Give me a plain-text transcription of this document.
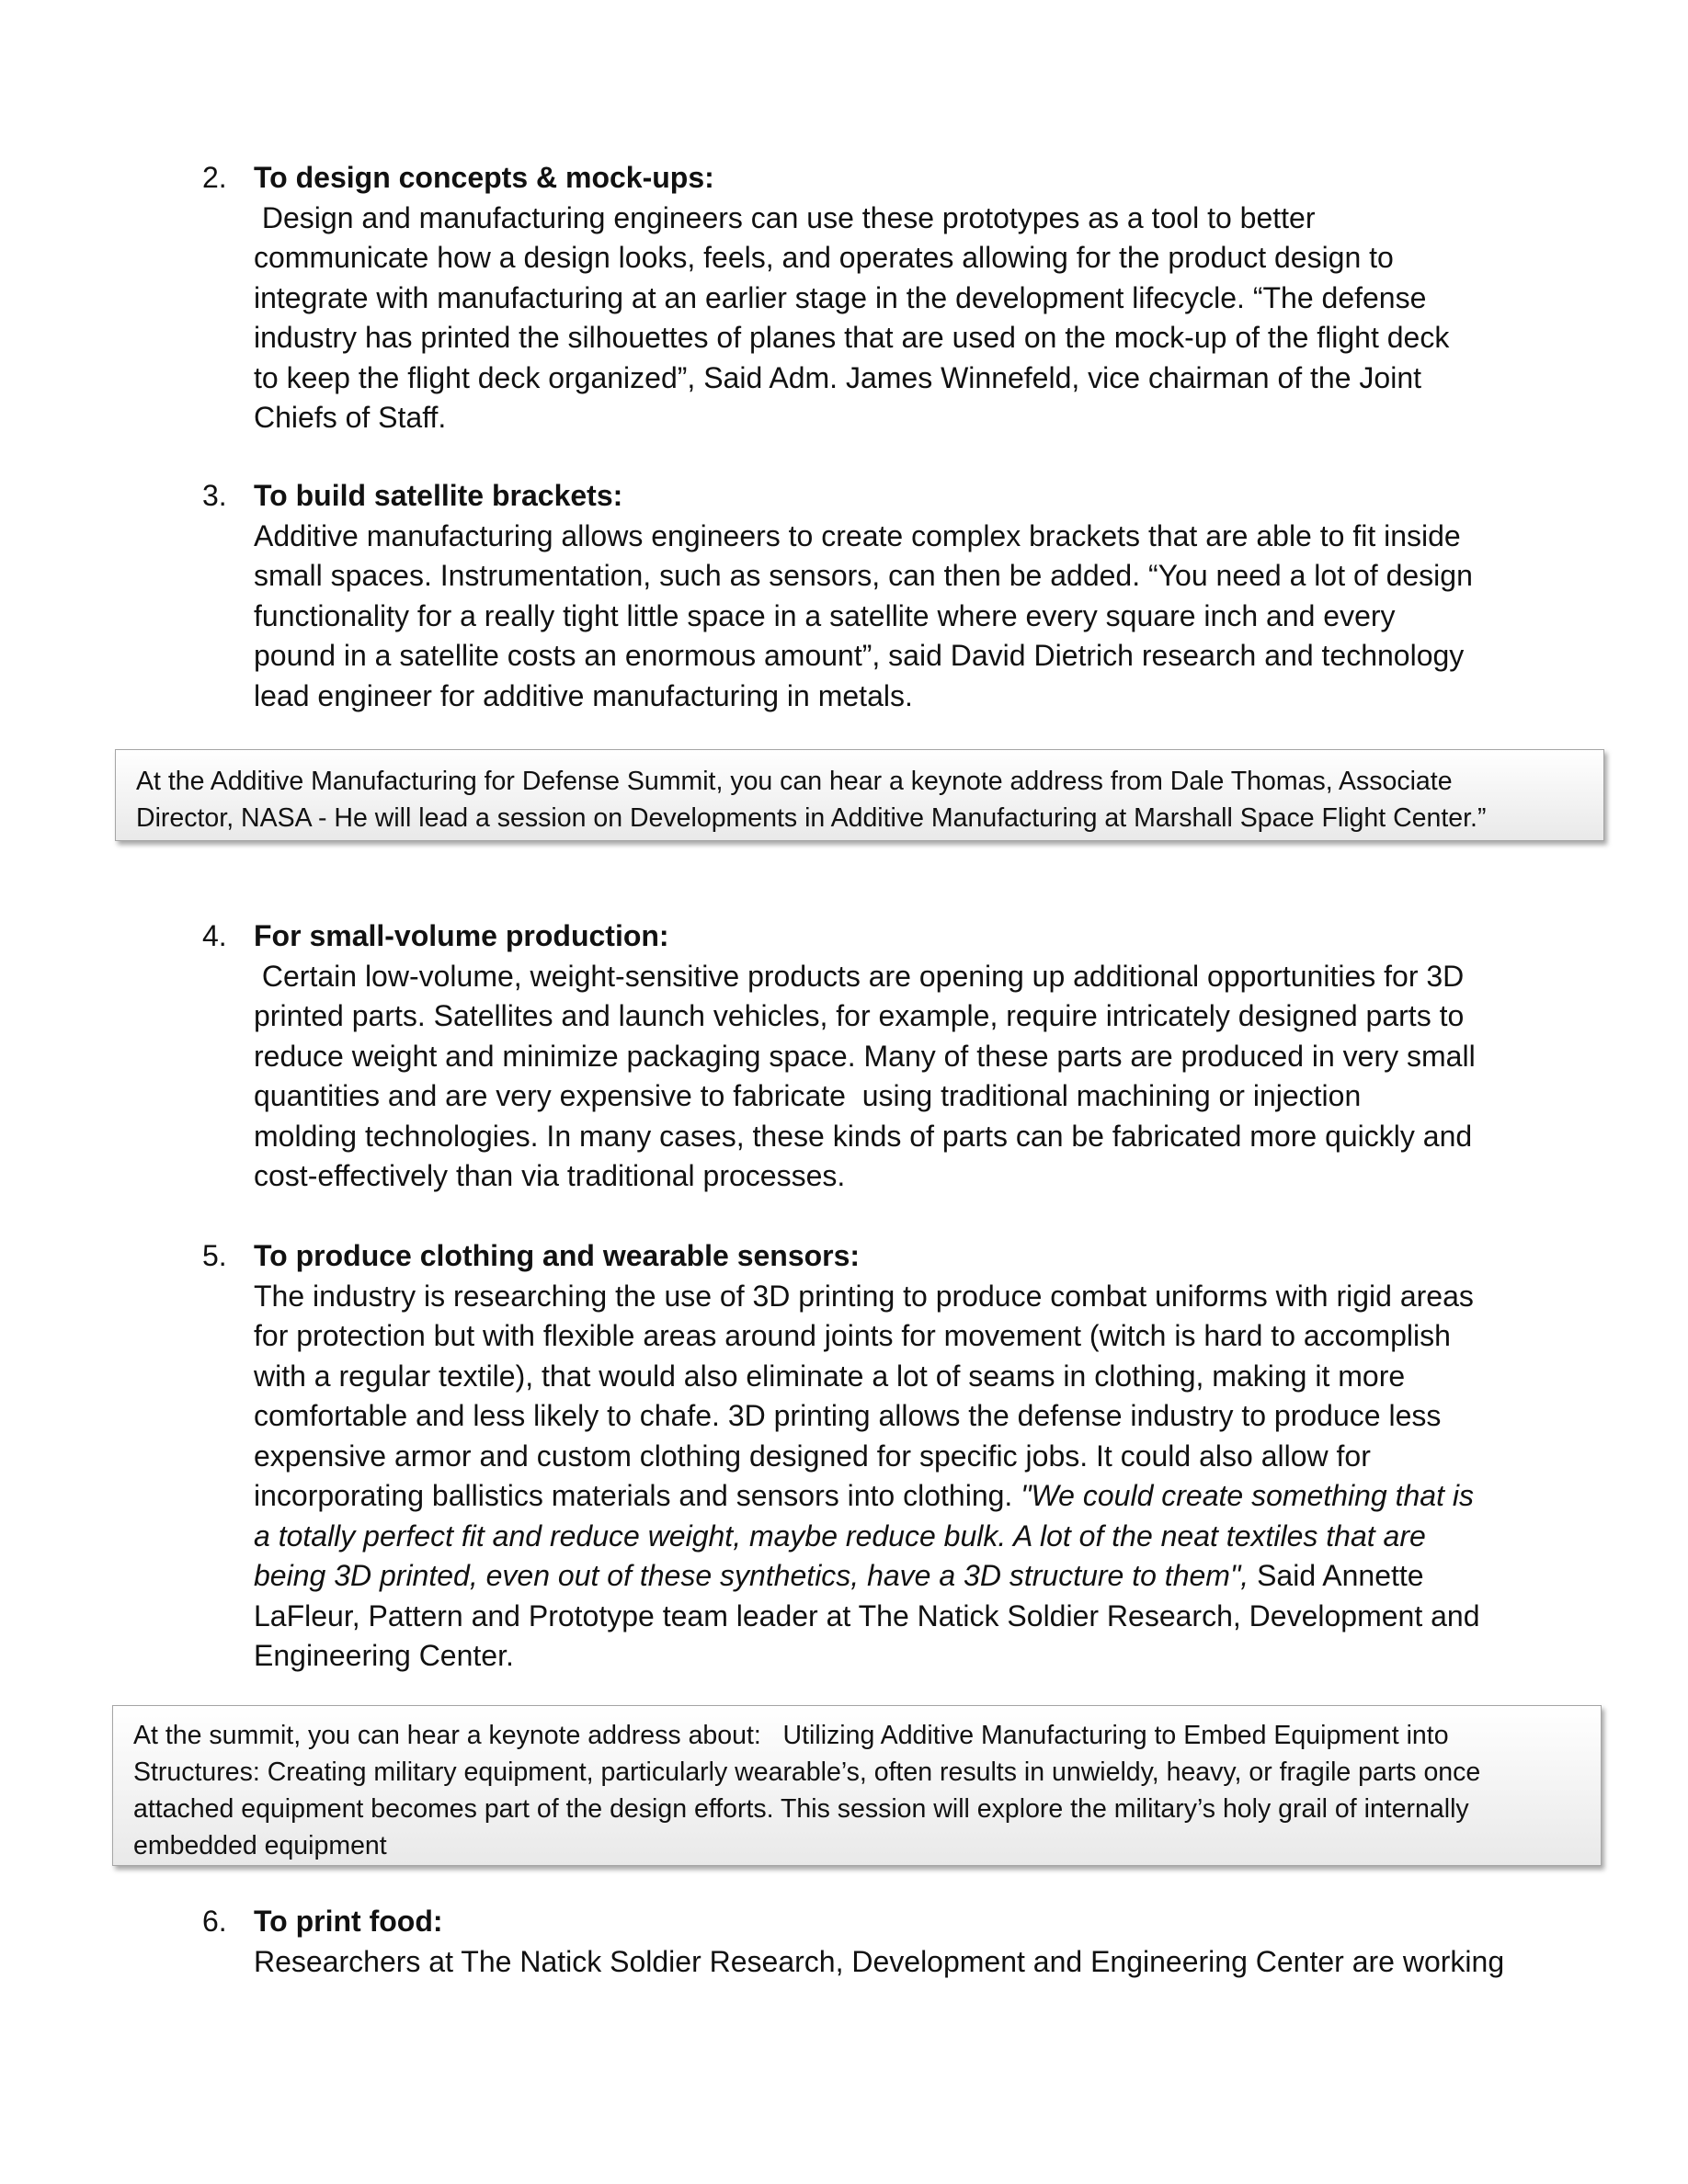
2. To design concepts & mock-ups:
Design and manufacturing engineers can use these prototypes as a tool to better
communicate how a design looks, feels, and operates allowing for the product design to
integrate with manufacturing at an earlier stage in the development lifecycle. “The defense
industry has printed the silhouettes of planes that are used on the mock-up of the flight deck
to keep the flight deck organized”, Said Adm. James Winnefeld, vice chairman of the Joint
Chiefs of Staff.
3. To build satellite brackets:
Additive manufacturing allows engineers to create complex brackets that are able to fit inside
small spaces. Instrumentation, such as sensors, can then be added. “You need a lot of design
functionality for a really tight little space in a satellite where every square inch and every
pound in a satellite costs an enormous amount”, said David Dietrich research and technology
lead engineer for additive manufacturing in metals.
At the Additive Manufacturing for Defense Summit, you can hear a keynote address from Dale Thomas, Associate
Director, NASA - He will lead a session on Developments in Additive Manufacturing at Marshall Space Flight Center.”
4. For small-volume production:
Certain low-volume, weight-sensitive products are opening up additional opportunities for 3D
printed parts. Satellites and launch vehicles, for example, require intricately designed parts to
reduce weight and minimize packaging space. Many of these parts are produced in very small
quantities and are very expensive to fabricate  using traditional machining or injection
molding technologies. In many cases, these kinds of parts can be fabricated more quickly and
cost-effectively than via traditional processes.
5. To produce clothing and wearable sensors:
The industry is researching the use of 3D printing to produce combat uniforms with rigid areas
for protection but with flexible areas around joints for movement (witch is hard to accomplish
with a regular textile), that would also eliminate a lot of seams in clothing, making it more
comfortable and less likely to chafe. 3D printing allows the defense industry to produce less
expensive armor and custom clothing designed for specific jobs. It could also allow for
incorporating ballistics materials and sensors into clothing. "We could create something that is
a totally perfect fit and reduce weight, maybe reduce bulk. A lot of the neat textiles that are
being 3D printed, even out of these synthetics, have a 3D structure to them", Said Annette
LaFleur, Pattern and Prototype team leader at The Natick Soldier Research, Development and
Engineering Center.
At the summit, you can hear a keynote address about:   Utilizing Additive Manufacturing to Embed Equipment into
Structures: Creating military equipment, particularly wearable’s, often results in unwieldy, heavy, or fragile parts once
attached equipment becomes part of the design efforts. This session will explore the military’s holy grail of internally
embedded equipment
6. To print food:
Researchers at The Natick Soldier Research, Development and Engineering Center are working
